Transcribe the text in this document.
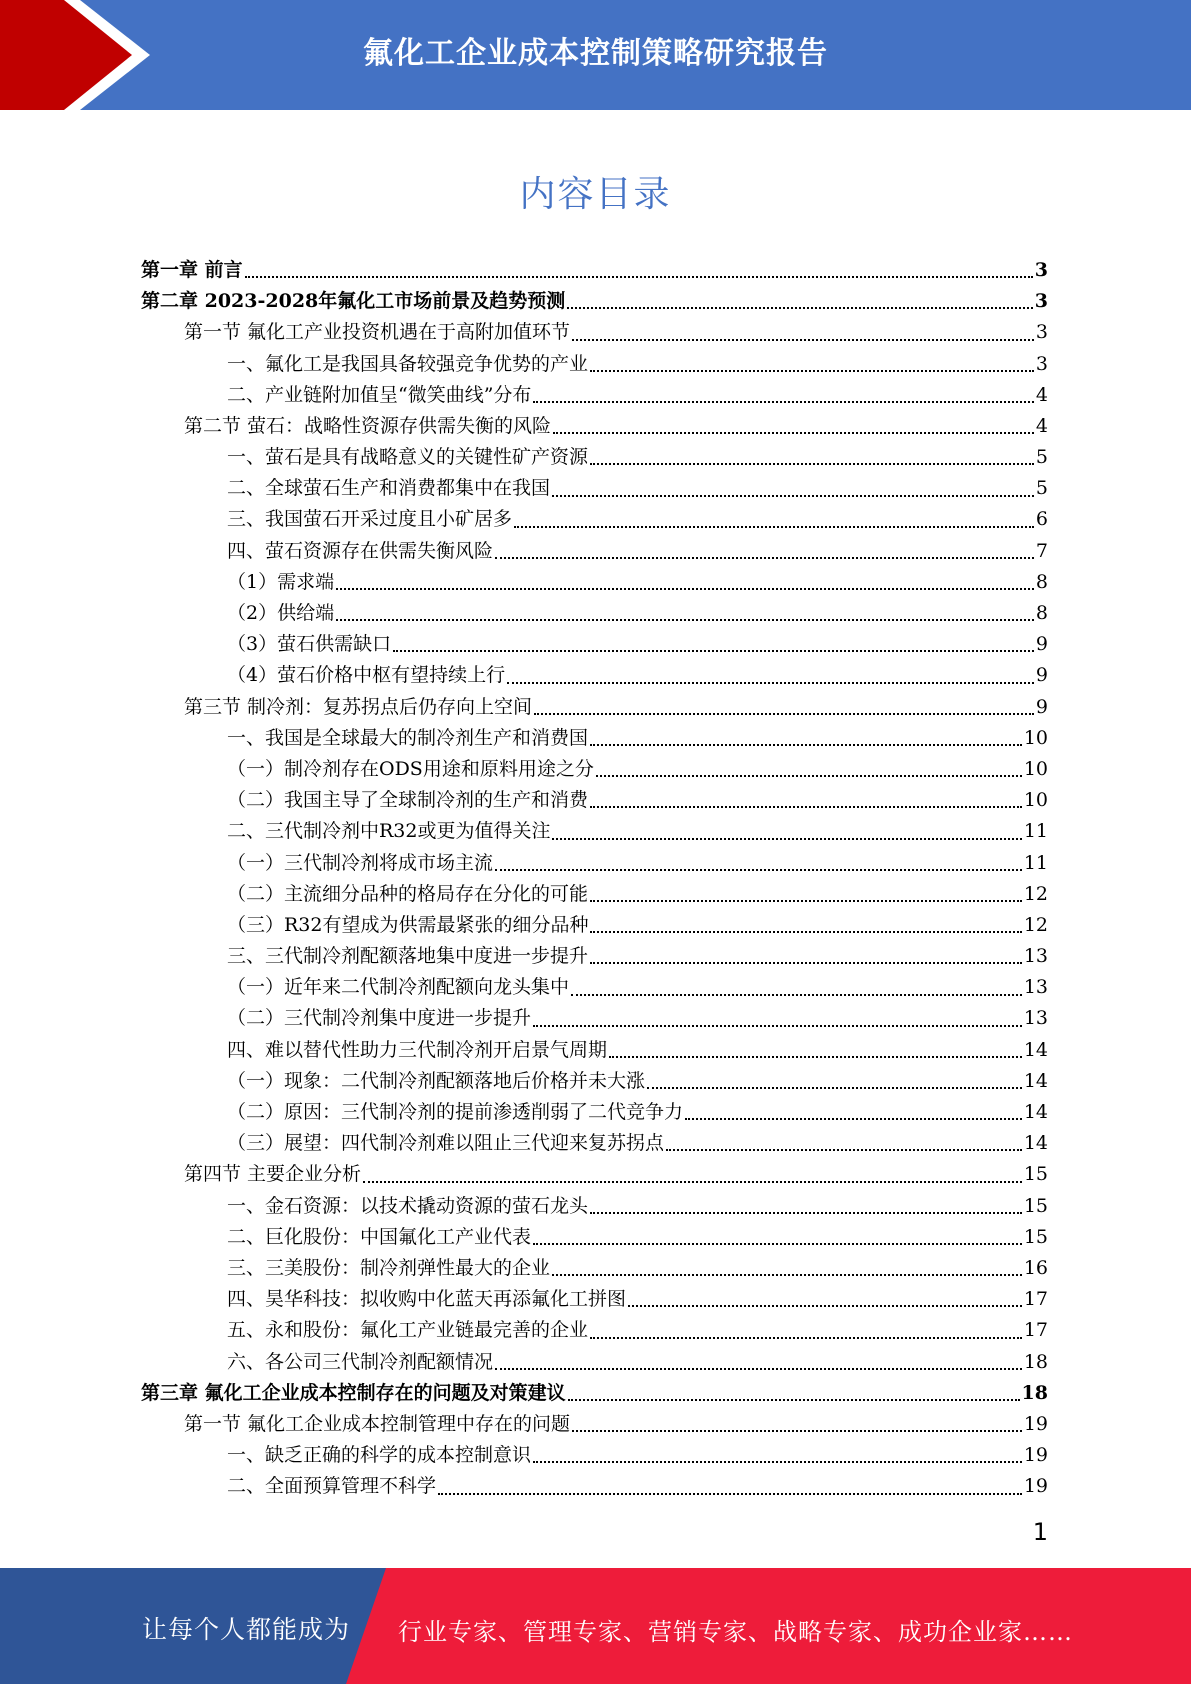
氟化工企业成本控制策略研究报告
内容目录
第一章 前言	3
第二章 2023-2028年氟化工市场前景及趋势预测	3
第一节 氟化工产业投资机遇在于高附加值环节	3
一、氟化工是我国具备较强竞争优势的产业	3
二、产业链附加值呈“微笑曲线”分布	4
第二节 萤石：战略性资源存供需失衡的风险	4
一、萤石是具有战略意义的关键性矿产资源	5
二、全球萤石生产和消费都集中在我国	5
三、我国萤石开采过度且小矿居多	6
四、萤石资源存在供需失衡风险	7
（1）需求端	8
（2）供给端	8
（3）萤石供需缺口	9
（4）萤石价格中枢有望持续上行	9
第三节 制冷剂：复苏拐点后仍存向上空间	9
一、我国是全球最大的制冷剂生产和消费国	10
（一）制冷剂存在ODS用途和原料用途之分	10
（二）我国主导了全球制冷剂的生产和消费	10
二、三代制冷剂中R32或更为值得关注	11
（一）三代制冷剂将成市场主流	11
（二）主流细分品种的格局存在分化的可能	12
（三）R32有望成为供需最紧张的细分品种	12
三、三代制冷剂配额落地集中度进一步提升	13
（一）近年来二代制冷剂配额向龙头集中	13
（二）三代制冷剂集中度进一步提升	13
四、难以替代性助力三代制冷剂开启景气周期	14
（一）现象：二代制冷剂配额落地后价格并未大涨	14
（二）原因：三代制冷剂的提前渗透削弱了二代竞争力	14
（三）展望：四代制冷剂难以阻止三代迎来复苏拐点	14
第四节 主要企业分析	15
一、金石资源：以技术撬动资源的萤石龙头	15
二、巨化股份：中国氟化工产业代表	15
三、三美股份：制冷剂弹性最大的企业	16
四、昊华科技：拟收购中化蓝天再添氟化工拼图	17
五、永和股份：氟化工产业链最完善的企业	17
六、各公司三代制冷剂配额情况	18
第三章 氟化工企业成本控制存在的问题及对策建议	18
第一节 氟化工企业成本控制管理中存在的问题	19
一、缺乏正确的科学的成本控制意识	19
二、全面预算管理不科学	19
1
让每个人都能成为 行业专家、管理专家、营销专家、战略专家、成功企业家……
